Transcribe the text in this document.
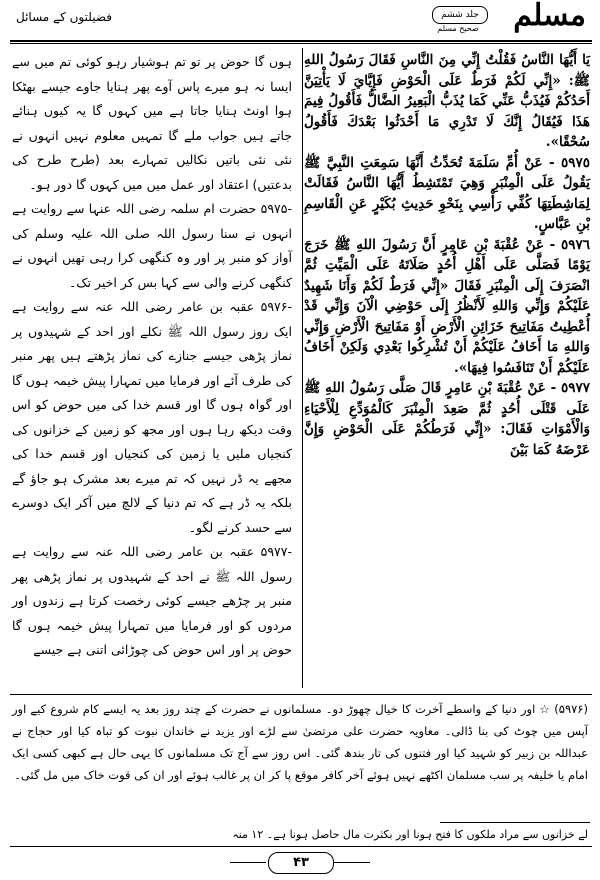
فضیلتوں کے مسائل	مسلم
جلد ششم
صحیح مسلم

يَا أَيُّهَا النَّاسُ فَقُلْتُ إِنِّي مِنَ النَّاسِ فَقَالَ رَسُولُ اللهِ ﷺ: «إِنِّي لَكُمْ فَرَطٌ عَلَى الْحَوْضِ فَإِيَّايَ لَا يَأْتِيَنَّ أَحَدُكُمْ فَيُذَبُّ عَنِّي كَمَا يُذَبُّ الْبَعِيرُ الضَّالُّ فَأَقُولُ فِيمَ هَذَا فَيُقَالُ إِنَّكَ لَا تَدْرِي مَا أَحْدَثُوا بَعْدَكَ فَأَقُولُ سُحْقًا».

٥٩٧٥ - عَنْ أُمِّ سَلَمَةَ تُحَدِّثُ أَنَّهَا سَمِعَتِ النَّبِيَّ ﷺ يَقُولُ عَلَى الْمِنْبَرِ وَهِيَ تَمْتَشِطُ أَيُّهَا النَّاسُ فَقَالَتْ لِمَاشِطَتِهَا كُفِّي رَأْسِي بِنَحْوِ حَدِيثِ بُكَيْرٍ عَنِ الْقَاسِمِ بْنِ عَبَّاسٍ.

٥٩٧٦ - عَنْ عُقْبَةَ بْنِ عَامِرٍ أَنَّ رَسُولَ اللهِ ﷺ خَرَجَ يَوْمًا فَصَلَّى عَلَى أَهْلِ أُحُدٍ صَلَاتَهُ عَلَى الْمَيِّتِ ثُمَّ انْصَرَفَ إِلَى الْمِنْبَرِ فَقَالَ «إِنِّي فَرَطٌ لَكُمْ وَأَنَا شَهِيدٌ عَلَيْكُمْ وَإِنِّي وَاللهِ لَأَنْظُرُ إِلَى حَوْضِي الْآنَ وَإِنِّي قَدْ أُعْطِيتُ مَفَاتِيحَ خَزَائِنِ الْأَرْضِ أَوْ مَفَاتِيحَ الْأَرْضِ وَإِنِّي وَاللهِ مَا أَخَافُ عَلَيْكُمْ أَنْ تُشْرِكُوا بَعْدِي وَلَكِنْ أَخَافُ عَلَيْكُمْ أَنْ تَنَافَسُوا فِيهَا».

٥٩٧٧ - عَنْ عُقْبَةَ بْنِ عَامِرٍ قَالَ صَلَّى رَسُولُ اللهِ ﷺ عَلَى قَتْلَى أُحُدٍ ثُمَّ صَعِدَ الْمِنْبَرَ كَالْمُوَدِّعِ لِلْأَحْيَاءِ وَالْأَمْوَاتِ فَقَالَ: «إِنِّي فَرَطُكُمْ عَلَى الْحَوْضِ وَإِنَّ عَرْضَهُ كَمَا بَيْنَ

ہوں گا حوض پر تو تم ہوشیار رہو کوئی تم میں سے ایسا نہ ہو میرے پاس آوے پھر ہنایا جاوے جیسے بھٹکا ہوا اونٹ ہنایا جاتا ہے میں کہوں گا یہ کیوں ہنائے جاتے ہیں جواب ملے گا تمہیں معلوم نہیں انہوں نے نئی نئی باتیں نکالیں تمہارے بعد (طرح طرح کی بدعتیں) اعتقاد اور عمل میں میں کہوں گا دور ہو۔

-۵۹۷۵ حضرت ام سلمہ رضی اللہ عنہا سے روایت ہے انہوں نے سنا رسول اللہ صلی اللہ علیہ وسلم کی آواز کو منبر پر اور وہ کنگھی کرا رہی تھیں انہوں نے کنگھی کرنے والی سے کہا بس کر اخیر تک۔

-۵۹۷۶ عقبہ بن عامر رضی اللہ عنہ سے روایت ہے ایک روز رسول اللہ ﷺ نکلے اور احد کے شہیدوں پر نماز پڑھی جیسے جنازے کی نماز پڑھتے ہیں پھر منبر کی طرف آئے اور فرمایا میں تمہارا پیش خیمہ ہوں گا اور گواہ ہوں گا اور قسم خدا کی میں حوض کو اس وقت دیکھ رہا ہوں اور مجھ کو زمین کے خزانوں کی کنجیاں ملیں یا زمین کی کنجیاں اور قسم خدا کی مجھے یہ ڈر نہیں کہ تم میرے بعد مشرک ہو جاؤ گے بلکہ یہ ڈر ہے کہ تم دنیا کے لالچ میں آکر ایک دوسرے سے حسد کرنے لگو۔

-۵۹۷۷ عقبہ بن عامر رضی اللہ عنہ سے روایت ہے رسول اللہ ﷺ نے احد کے شہیدوں پر نماز پڑھی پھر منبر پر چڑھے جیسے کوئی رخصت کرتا ہے زندوں اور مردوں کو اور فرمایا میں تمہارا پیش خیمہ ہوں گا حوض پر اور اس حوض کی چوڑائی اتنی ہے جیسے

(۵۹۷۶) ☆ اور دنیا کے واسطے آخرت کا خیال چھوڑ دو۔ مسلمانوں نے حضرت کے چند روز بعد یہ ایسے کام شروع کیے اور آپس میں چوٹ کی بنا ڈالی۔ معاویہ حضرت علی مرتضیٰ سے لڑے اور یزید نے خاندان نبوت کو تباہ کیا اور حجاج نے عبداللہ بن زبیر کو شہید کیا اور فتنوں کی تار بندھ گئی۔ اس روز سے آج تک مسلمانوں کا یہی حال ہے کبھی کسی ایک امام یا خلیفہ پر سب مسلمان اکٹھے نہیں ہوئے آخر کافر موقع پا کر ان پر غالب ہوئے اور ان کی قوت خاک میں مل گئی۔
لے خزانوں سے مراد ملکوں کا فتح ہونا اور بکثرت مال حاصل ہونا ہے۔ ۱۲ منہ
۴۳
